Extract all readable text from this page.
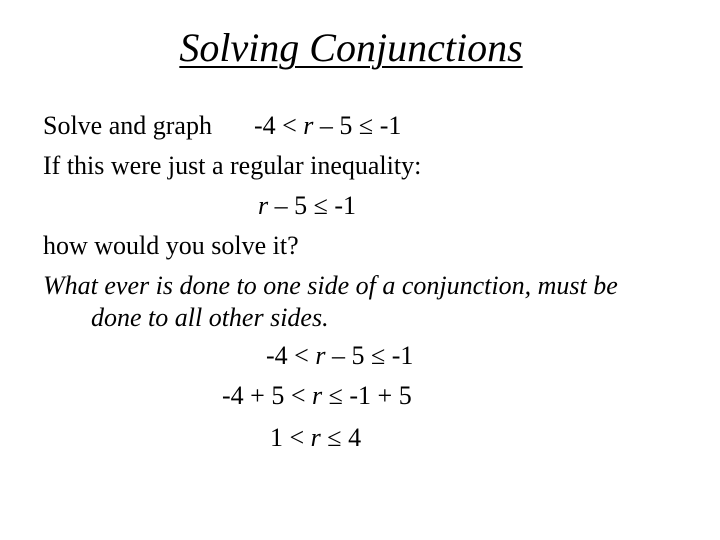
Solving Conjunctions

Solve and graph -4 < r – 5 ≤ -1

If this were just a regular inequality:

r – 5 ≤ -1

how would you solve it?

What ever is done to one side of a conjunction, must be

done to all other sides.

-4 < r – 5 ≤ -1

-4 + 5 < r ≤ -1 + 5

1 < r ≤ 4
